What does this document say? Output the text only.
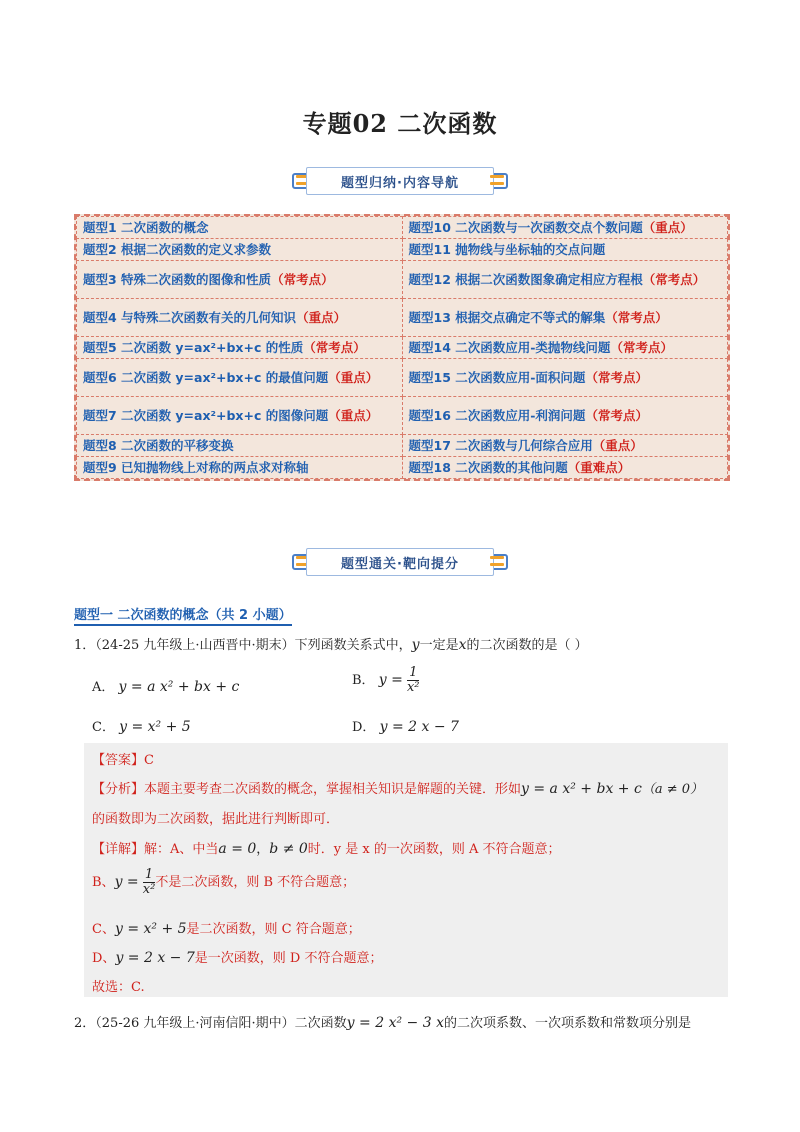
专题02 二次函数
题型归纳·内容导航
题型1 二次函数的概念	题型10 二次函数与一次函数交点个数问题（重点）
题型2 根据二次函数的定义求参数	题型11 抛物线与坐标轴的交点问题
题型3 特殊二次函数的图像和性质（常考点）	题型12 根据二次函数图象确定相应方程根（常考点）
题型4 与特殊二次函数有关的几何知识（重点）	题型13 根据交点确定不等式的解集（常考点）
题型5 二次函数 y=ax²+bx+c 的性质（常考点）	题型14 二次函数应用-类抛物线问题（常考点）
题型6 二次函数 y=ax²+bx+c 的最值问题（重点）	题型15 二次函数应用-面积问题（常考点）
题型7 二次函数 y=ax²+bx+c 的图像问题（重点）	题型16 二次函数应用-利润问题（常考点）
题型8 二次函数的平移变换	题型17 二次函数与几何综合应用（重点）
题型9 已知抛物线上对称的两点求对称轴	题型18 二次函数的其他问题（重难点）
题型通关·靶向提分
题型一 二次函数的概念（共 2 小题）
1．（24-25 九年级上·山西晋中·期末）下列函数关系式中，y一定是x的二次函数的是（ ）
A． y = a x² + bx + c	B． $y = \frac{1}{\text{x²}}$
C． y = x² + 5	D． y = 2 x − 7
【答案】C
【分析】本题主要考查二次函数的概念，掌握相关知识是解题的关键．形如y = a x² + bx + c（a ≠ 0）
的函数即为二次函数，据此进行判断即可．
【详解】解：A、中当a = 0，b ≠ 0时．y 是 x 的一次函数，则 A 不符合题意；
B、$y = \frac{1}{\text{x²}}$ 不是二次函数，则 B 不符合题意；
C、y = x² + 5是二次函数，则 C 符合题意；
D、y = 2 x − 7是一次函数，则 D 不符合题意；
故选：C.
2．（25-26 九年级上·河南信阳·期中）二次函数y = 2 x² − 3 x的二次项系数、一次项系数和常数项分别是
